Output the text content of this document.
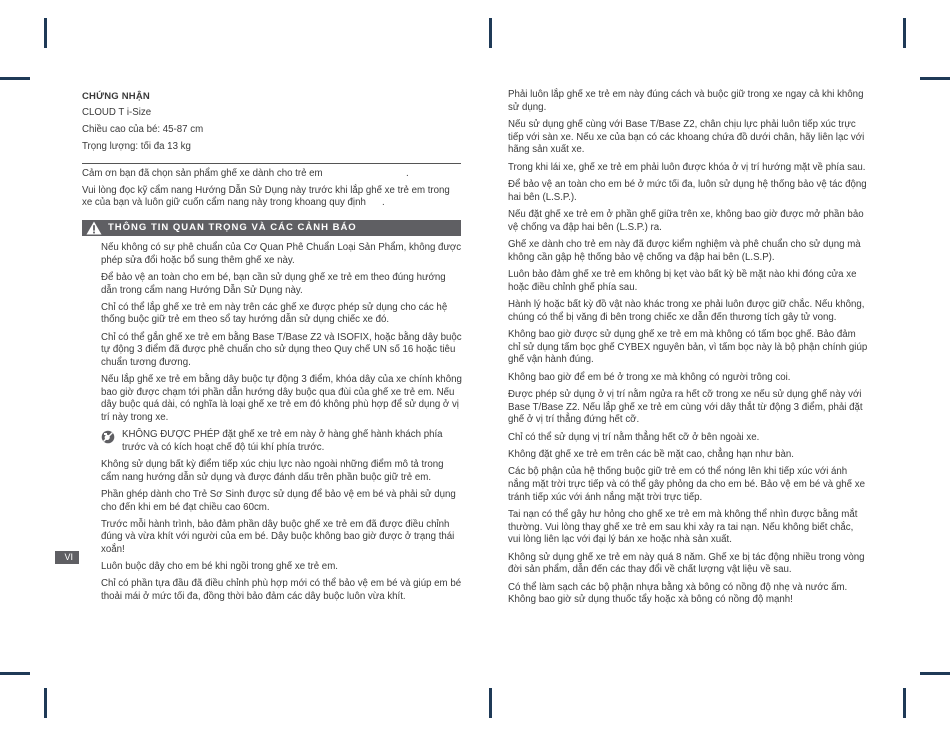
CHỨNG NHẬN

CLOUD T i-Size

Chiều cao của bé: 45-87 cm

Trọng lượng: tối đa 13 kg

Cảm ơn bạn đã chọn sản phẩm ghế xe dành cho trẻ em                               .

Vui lòng đọc kỹ cẩm nang Hướng Dẫn Sử Dụng này trước khi lắp ghế xe trẻ em trong xe của bạn và luôn giữ cuốn cẩm nang này trong khoang quy định      .

THÔNG TIN QUAN TRỌNG VÀ CÁC CẢNH BÁO

Nếu không có sự phê chuẩn của Cơ Quan Phê Chuẩn Loại Sản Phẩm, không được phép sửa đổi hoặc bổ sung thêm ghế xe này.

Để bảo vệ an toàn cho em bé, bạn cần sử dụng ghế xe trẻ em theo đúng hướng dẫn trong cẩm nang Hướng Dẫn Sử Dụng này.

Chỉ có thể lắp ghế xe trẻ em này trên các ghế xe được phép sử dụng cho các hệ thống buộc giữ trẻ em theo sổ tay hướng dẫn sử dụng chiếc xe đó.

Chỉ có thể gắn ghế xe trẻ em bằng Base T/Base Z2 và ISOFIX, hoặc bằng dây buộc tự động 3 điểm đã được phê chuẩn cho sử dụng theo Quy chế UN số 16 hoặc tiêu chuẩn tương đương.

Nếu lắp ghế xe trẻ em bằng dây buộc tự động 3 điểm, khóa dây của xe chính không bao giờ được chạm tới phần dẫn hướng dây buộc qua đùi của ghế xe trẻ em. Nếu dây buộc quá dài, có nghĩa là loại ghế xe trẻ em đó không phù hợp để sử dụng ở vị trí này trong xe.

KHÔNG ĐƯỢC PHÉP đặt ghế xe trẻ em này ở hàng ghế hành khách phía trước và có kích hoạt chế độ túi khí phía trước.

Không sử dụng bất kỳ điểm tiếp xúc chịu lực nào ngoài những điểm mô tả trong cẩm nang hướng dẫn sử dụng và được đánh dấu trên phần buộc giữ trẻ em.

Phần ghép dành cho Trẻ Sơ Sinh được sử dụng để bảo vệ em bé và phải sử dụng cho đến khi em bé đạt chiều cao 60cm.

Trước mỗi hành trình, bảo đảm phần dây buộc ghế xe trẻ em đã được điều chỉnh đúng và vừa khít với người của em bé. Dây buộc không bao giờ được ở trạng thái xoắn!

Luôn buộc dây cho em bé khi ngồi trong ghế xe trẻ em.

Chỉ có phần tựa đầu đã điều chỉnh phù hợp mới có thể bảo vệ em bé và giúp em bé thoải mái ở mức tối đa, đồng thời bảo đảm các dây buộc luôn vừa khít.

VI

Phải luôn lắp ghế xe trẻ em này đúng cách và buộc giữ trong xe ngay cả khi không sử dụng.

Nếu sử dụng ghế cùng với Base T/Base Z2, chân chịu lực phải luôn tiếp xúc trực tiếp với sàn xe. Nếu xe của bạn có các khoang chứa đồ dưới chân, hãy liên lạc với hãng sản xuất xe.

Trong khi lái xe, ghế xe trẻ em phải luôn được khóa ở vị trí hướng mặt về phía sau.

Để bảo vệ an toàn cho em bé ở mức tối đa, luôn sử dụng hệ thống bảo vệ tác động hai bên (L.S.P.).

Nếu đặt ghế xe trẻ em ở phần ghế giữa trên xe, không bao giờ được mở phần bảo vệ chống va đập hai bên (L.S.P.) ra.

Ghế xe dành cho trẻ em này đã được kiểm nghiệm và phê chuẩn cho sử dụng mà không cần gập hệ thống bảo vệ chống va đập hai bên (L.S.P).

Luôn bảo đảm ghế xe trẻ em không bị kẹt vào bất kỳ bề mặt nào khi đóng cửa xe hoặc điều chỉnh ghế phía sau.

Hành lý hoặc bất kỳ đồ vật nào khác trong xe phải luôn được giữ chắc. Nếu không, chúng có thể bị văng đi bên trong chiếc xe dẫn đến thương tích gây tử vong.

Không bao giờ được sử dụng ghế xe trẻ em mà không có tấm bọc ghế. Bảo đảm chỉ sử dụng tấm bọc ghế CYBEX nguyên bản, vì tấm bọc này là bộ phận chính giúp ghế vận hành đúng.

Không bao giờ để em bé ở trong xe mà không có người trông coi.

Được phép sử dụng ở vị trí nằm ngửa ra hết cỡ trong xe nếu sử dụng ghế này với Base T/Base Z2. Nếu lắp ghế xe trẻ em cùng với dây thắt từ động 3 điểm, phải đặt ghế ở vị trí thẳng đứng hết cỡ.

Chỉ có thể sử dụng vị trí nằm thẳng hết cỡ ở bên ngoài xe.

Không đặt ghế xe trẻ em trên các bề mặt cao, chẳng hạn như bàn.

Các bộ phận của hệ thống buộc giữ trẻ em có thể nóng lên khi tiếp xúc với ánh nắng mặt trời trực tiếp và có thể gây phỏng da cho em bé. Bảo vệ em bé và ghế xe tránh tiếp xúc với ánh nắng mặt trời trực tiếp.

Tai nạn có thể gây hư hỏng cho ghế xe trẻ em mà không thể nhìn được bằng mắt thường. Vui lòng thay ghế xe trẻ em sau khi xảy ra tai nạn. Nếu không biết chắc, vui lòng liên lạc với đại lý bán xe hoặc nhà sản xuất.

Không sử dụng ghế xe trẻ em này quá 8 năm. Ghế xe bị tác động nhiều trong vòng đời sản phẩm, dẫn đến các thay đổi về chất lượng vật liệu về sau.

Có thể làm sạch các bộ phận nhựa bằng xà bông có nồng độ nhẹ và nước ấm. Không bao giờ sử dụng thuốc tẩy hoặc xà bông có nồng độ mạnh!
